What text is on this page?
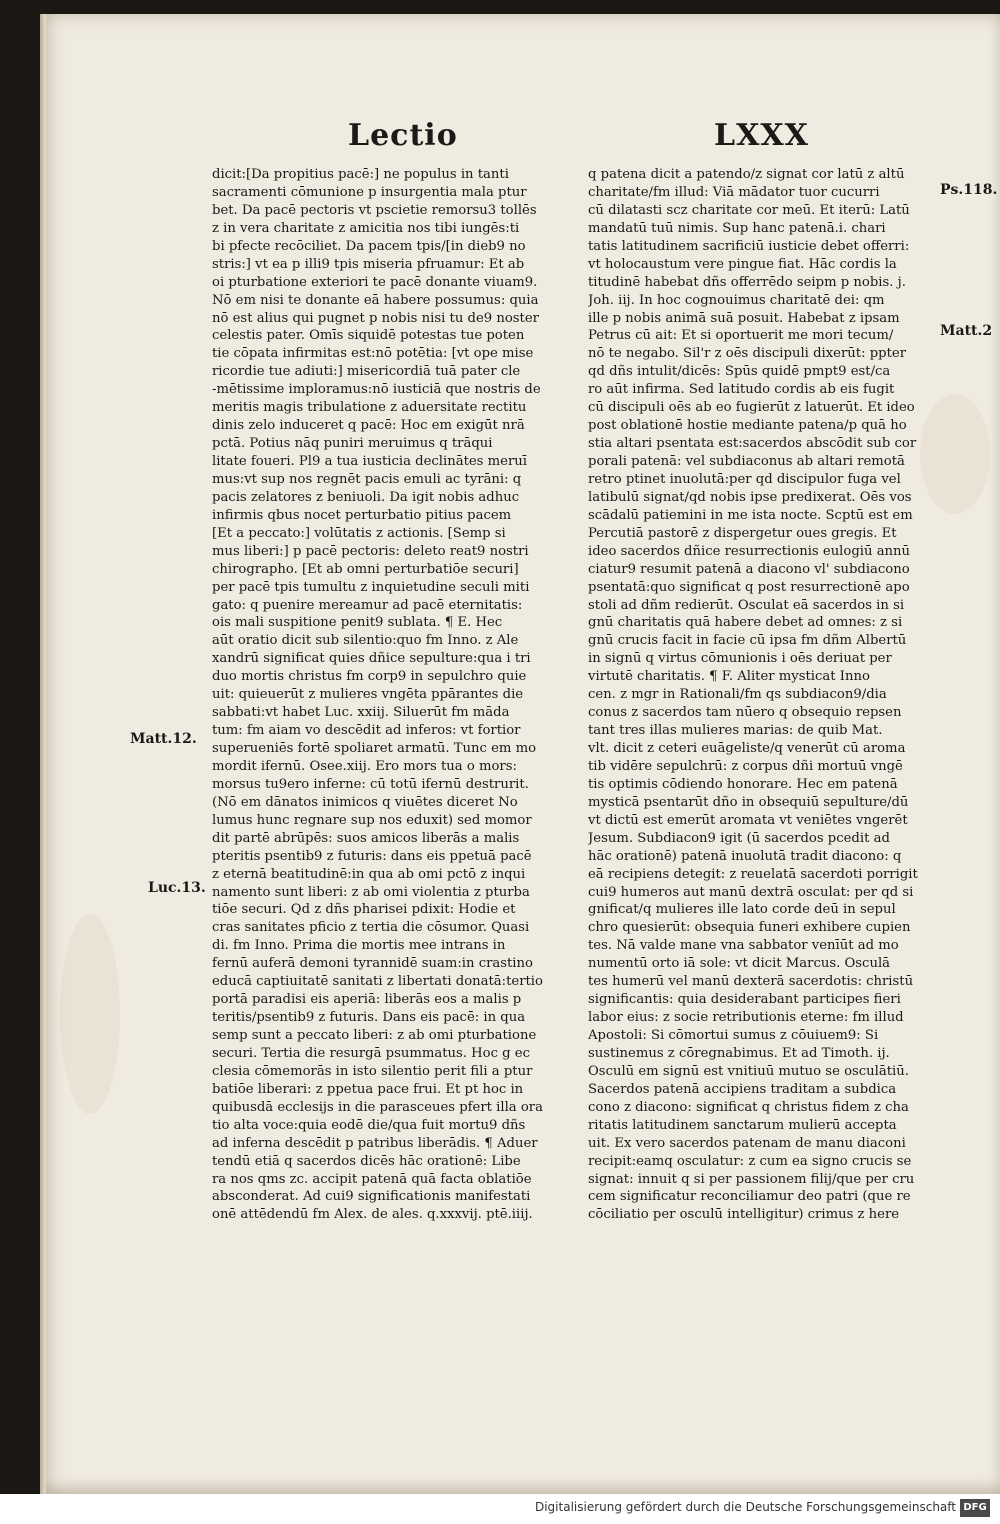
Lectio	LXXX
dicit:[Da propitius pacē:] ne populus in tanti
sacramenti cōmunione p insurgentia mala ptur
bet. Da pacē pectoris vt pscietie remorsu3 tollēs
z in vera charitate z amicitia nos tibi iungēs:ti
bi pfecte recōciliet. Da pacem tpis/[in dieb9 no
stris:] vt ea p illi9 tpis miseria pfruamur: Et ab
oi pturbatione exteriori te pacē donante viuam9.
Nō em nisi te donante eā habere possumus: quia
nō est alius qui pugnet p nobis nisi tu de9 noster
celestis pater. Omīs siquidē potestas tue poten
tie cōpata infirmitas est:nō potētia: [vt ope mise
ricordie tue adiuti:] misericordiā tuā pater cle
-mētissime imploramus:nō iusticiā que nostris de
meritis magis tribulatione z aduersitate rectitu
dinis zelo induceret q pacē: Hoc em exigūt nrā
pctā. Potius nāq puniri meruimus q trāqui
litate foueri. Pl9 a tua iusticia declinātes meruī
mus:vt sup nos regnēt pacis emuli ac tyrāni: q
pacis zelatores z beniuoli. Da igit nobis adhuc
infirmis qbus nocet perturbatio pitius pacem
[Et a peccato:] volūtatis z actionis. [Semp si
mus liberi:] p pacē pectoris: deleto reat9 nostri
chirographo. [Et ab omni perturbatiōe securi]
per pacē tpis tumultu z inquietudine seculi miti
gato: q puenire mereamur ad pacē eternitatis:
ois mali suspitione penit9 sublata. ¶ E. Hec
aūt oratio dicit sub silentio:quo fm Inno. z Ale
xandrū significat quies dñice sepulture:qua i tri
duo mortis christus fm corp9 in sepulchro quie
uit: quieuerūt z mulieres vngēta ppārantes die
sabbati:vt habet Luc. xxiij. Siluerūt fm māda
tum: fm aiam vo descēdit ad inferos: vt fortior
superueniēs fortē spoliaret armatū. Tunc em mo
mordit ifernū. Osee.xiij. Ero mors tua o mors:
morsus tu9ero inferne: cū totū ifernū destrurit.
(Nō em dānatos inimicos q viuētes diceret No
lumus hunc regnare sup nos eduxit) sed momor
dit partē abrūpēs: suos amicos liberās a malis
pteritis psentib9 z futuris: dans eis ppetuā pacē
z eternā beatitudinē:in qua ab omi pctō z inqui
namento sunt liberi: z ab omi violentia z pturba
tiōe securi. Qd z dñs pharisei pdixit: Hodie et
cras sanitates pficio z tertia die cōsumor. Quasi
di. fm Inno. Prima die mortis mee intrans in
fernū auferā demoni tyrannidē suam:in crastino
educā captiuitatē sanitati z libertati donatā:tertio
portā paradisi eis aperiā: liberās eos a malis p
teritis/psentib9 z futuris. Dans eis pacē: in qua
semp sunt a peccato liberi: z ab omi pturbatione
securi. Tertia die resurgā psummatus. Hoc g ec
clesia cōmemorās in isto silentio perit fili a ptur
batiōe liberari: z ppetua pace frui. Et pt hoc in
quibusdā ecclesijs in die parasceues pfert illa ora
tio alta voce:quia eodē die/qua fuit mortu9 dñs
ad inferna descēdit p patribus liberādis. ¶ Aduer
tendū etiā q sacerdos dicēs hāc orationē: Libe
ra nos qms zc. accipit patenā quā facta oblatiōe
absconderat. Ad cui9 significationis manifestati
onē attēdendū fm Alex. de ales. q.xxxvij. ptē.iiij.
q patena dicit a patendo/z signat cor latū z altū
charitate/fm illud: Viā mādator tuor cucurri
cū dilatasti scz charitate cor meū. Et iterū: Latū
mandatū tuū nimis. Sup hanc patenā.i. chari
tatis latitudinem sacrificiū iusticie debet offerri:
vt holocaustum vere pingue fiat. Hāc cordis la
titudinē habebat dñs offerrēdo seipm p nobis. j.
Joh. iij. In hoc cognouimus charitatē dei: qm
ille p nobis animā suā posuit. Habebat z ipsam
Petrus cū ait: Et si oportuerit me mori tecum/
nō te negabo. Sil'r z oēs discipuli dixerūt: ppter
qd dñs intulit/dicēs: Spūs quidē pmpt9 est/ca
ro aūt infirma. Sed latitudo cordis ab eis fugit
cū discipuli oēs ab eo fugierūt z latuerūt. Et ideo
post oblationē hostie mediante patena/p quā ho
stia altari psentata est:sacerdos abscōdit sub cor
porali patenā: vel subdiaconus ab altari remotā
retro ptinet inuolutā:per qd discipulor fuga vel
latibulū signat/qd nobis ipse predixerat. Oēs vos
scādalū patiemini in me ista nocte. Scptū est em
Percutiā pastorē z dispergetur oues gregis. Et
ideo sacerdos dñice resurrectionis eulogiū annū
ciatur9 resumit patenā a diacono vl' subdiacono
psentatā:quo significat q post resurrectionē apo
stoli ad dñm redierūt. Osculat eā sacerdos in si
gnū charitatis quā habere debet ad omnes: z si
gnū crucis facit in facie cū ipsa fm dñm Albertū
in signū q virtus cōmunionis i oēs deriuat per
virtutē charitatis. ¶ F. Aliter mysticat Inno
cen. z mgr in Rationali/fm qs subdiacon9/dia
conus z sacerdos tam nūero q obsequio repsen
tant tres illas mulieres marias: de quib Mat.
vlt. dicit z ceteri euāgeliste/q venerūt cū aroma
tib vidēre sepulchrū: z corpus dñi mortuū vngē
tis optimis cōdiendo honorare. Hec em patenā
mysticā psentarūt dño in obsequiū sepulture/dū
vt dictū est emerūt aromata vt veniētes vngerēt
Jesum. Subdiacon9 igit (ū sacerdos pcedit ad
hāc orationē) patenā inuolutā tradit diacono: q
eā recipiens detegit: z reuelatā sacerdoti porrigit
cui9 humeros aut manū dextrā osculat: per qd si
gnificat/q mulieres ille lato corde deū in sepul
chro quesierūt: obsequia funeri exhibere cupien
tes. Nā valde mane vna sabbator venīūt ad mo
numentū orto iā sole: vt dicit Marcus. Osculā
tes humerū vel manū dexterā sacerdotis: christū
significantis: quia desiderabant participes fieri
labor eius: z socie retributionis eterne: fm illud
Apostoli: Si cōmortui sumus z cōuiuem9: Si
sustinemus z cōregnabimus. Et ad Timoth. ij.
Osculū em signū est vnitiuū mutuo se osculātiū.
Sacerdos patenā accipiens traditam a subdica
cono z diacono: significat q christus fidem z cha
ritatis latitudinem sanctarum mulierū accepta
uit. Ex vero sacerdos patenam de manu diaconi
recipit:eamq osculatur: z cum ea signo crucis se
signat: innuit q si per passionem filij/que per cru
cem significatur reconciliamur deo patri (que re
cōciliatio per osculū intelligitur) crimus z here
Ps.118.
Matt.2
Matt.12.
Luc.13.
Digitalisierung gefördert durch die Deutsche Forschungsgemeinschaft DFG
